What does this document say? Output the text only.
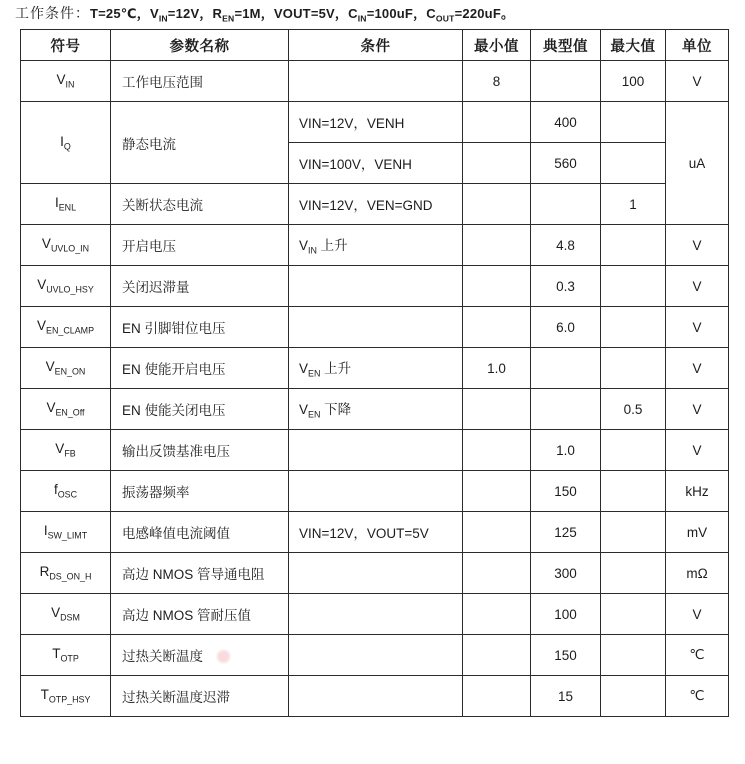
工作条件：T=25℃，$V_{IN}=12V$，$R_{EN}=1M$，VOUT=5V，$C_{IN}=100uF$，$C_{OUT}=220uF$。
符号	参数名称	条件	最小值	典型值	最大值	单位
$V_{IN}$	工作电压范围		8		100	V
$I_Q$	静态电流	VIN=12V，VENH		400		uA
		VIN=100V，VENH		560		
$I_{ENL}$	关断状态电流	VIN=12V，VEN=GND			1	
$V_{UVLO\_IN}$	开启电压	$V_{IN}$ 上升		4.8		V
$V_{UVLO\_HSY}$	关闭迟滞量			0.3		V
$V_{EN\_CLAMP}$	EN 引脚钳位电压			6.0		V
$V_{EN\_ON}$	EN 使能开启电压	$V_{EN}$ 上升	1.0			V
$V_{EN\_Off}$	EN 使能关闭电压	$V_{EN}$ 下降			0.5	V
$V_{FB}$	输出反馈基准电压			1.0		V
$f_{OSC}$	振荡器频率			150		kHz
$I_{SW\_LIMT}$	电感峰值电流阈值	VIN=12V，VOUT=5V		125		mV
$R_{DS\_ON\_H}$	高边 NMOS 管导通电阻			300		mΩ
$V_{DSM}$	高边 NMOS 管耐压值			100		V
$T_{OTP}$	过热关断温度			150		℃
$T_{OTP\_HSY}$	过热关断温度迟滞			15		℃
